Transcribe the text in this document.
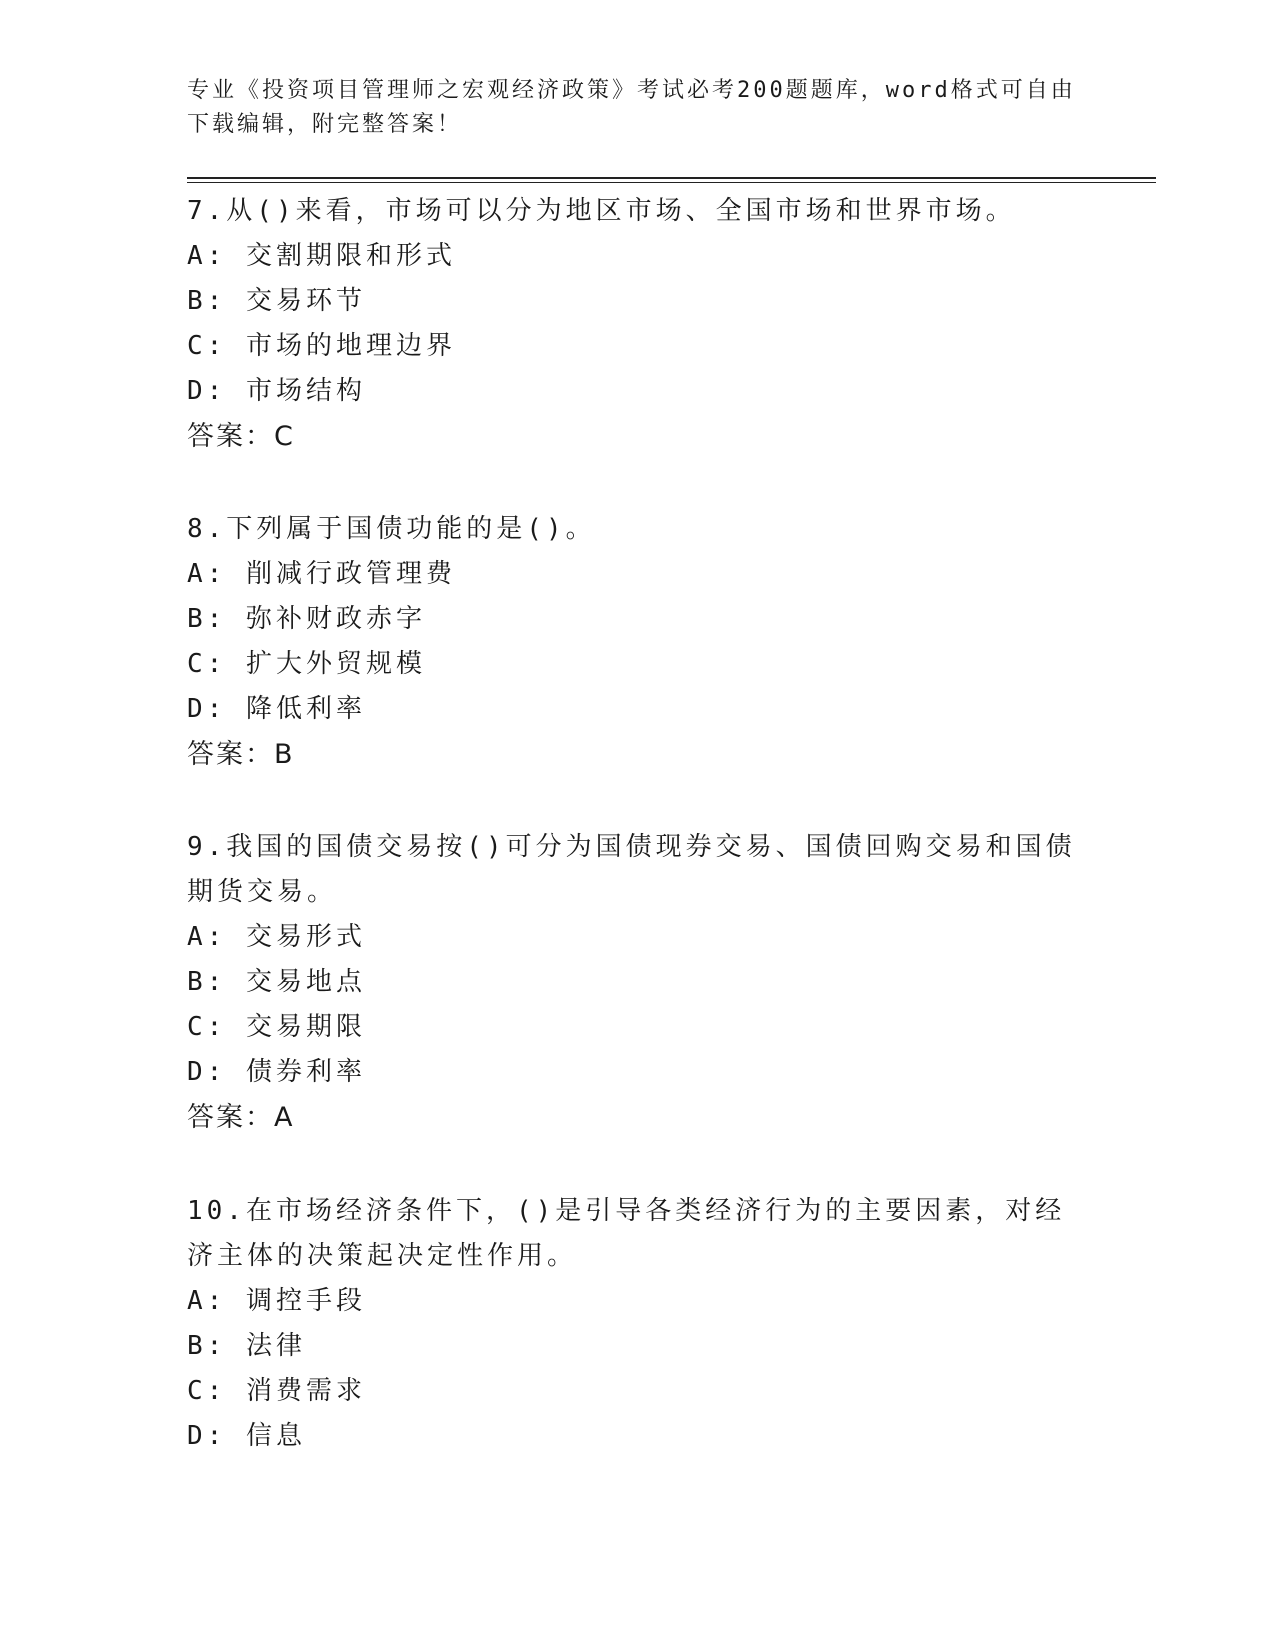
专业《投资项目管理师之宏观经济政策》考试必考200题题库，word格式可自由下载编辑，附完整答案！

7.从()来看，市场可以分为地区市场、全国市场和世界市场。

A: 交割期限和形式

B: 交易环节

C: 市场的地理边界

D: 市场结构

答案：C

8.下列属于国债功能的是()。

A: 削减行政管理费

B: 弥补财政赤字

C: 扩大外贸规模

D: 降低利率

答案：B

9.我国的国债交易按()可分为国债现券交易、国债回购交易和国债期货交易。

A: 交易形式

B: 交易地点

C: 交易期限

D: 债券利率

答案：A

10.在市场经济条件下，()是引导各类经济行为的主要因素，对经济主体的决策起决定性作用。

A: 调控手段

B: 法律

C: 消费需求

D: 信息
